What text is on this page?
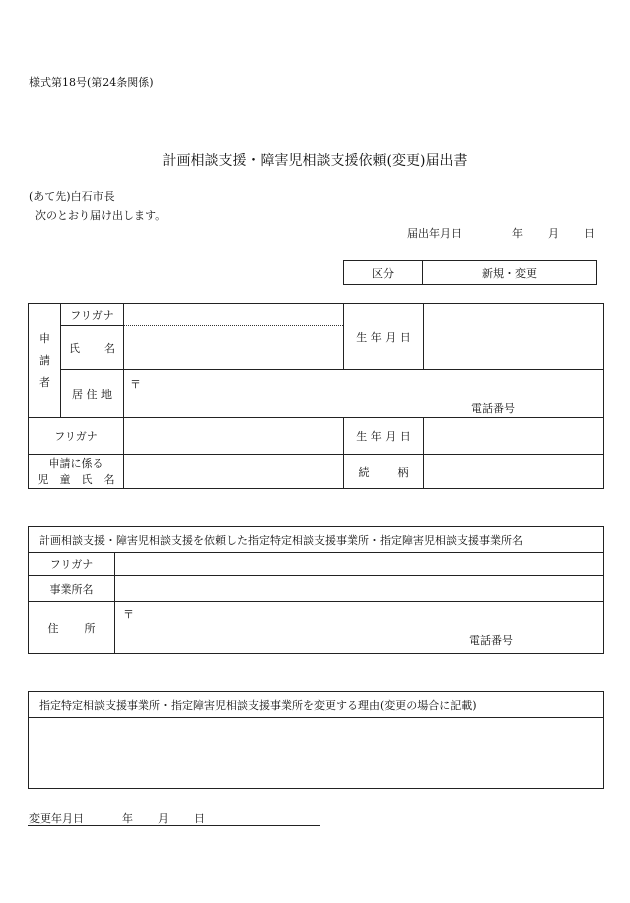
様式第18号(第24条関係)
計画相談支援・障害児相談支援依頼(変更)届出書
(あて先)白石市長
次のとおり届け出します。
届出年月日	年 月 日
区分	新規・変更
申
請
者	フリガナ		生 年 月 日	
	氏 名			

	居 住 地	〒
電話番号		

フリガナ			生 年 月 日	
申請に係る
児　童　氏　名			続 柄	
計画相談支援・障害児相談支援を依頼した指定特定相談支援事業所・指定障害児相談支援事業所名	
フリガナ	
事業所名	
住 所	〒
電話番号
指定特定相談支援事業所・指定障害児相談支援事業所を変更する理由(変更の場合に記載)

変更年月日	年 月 日
